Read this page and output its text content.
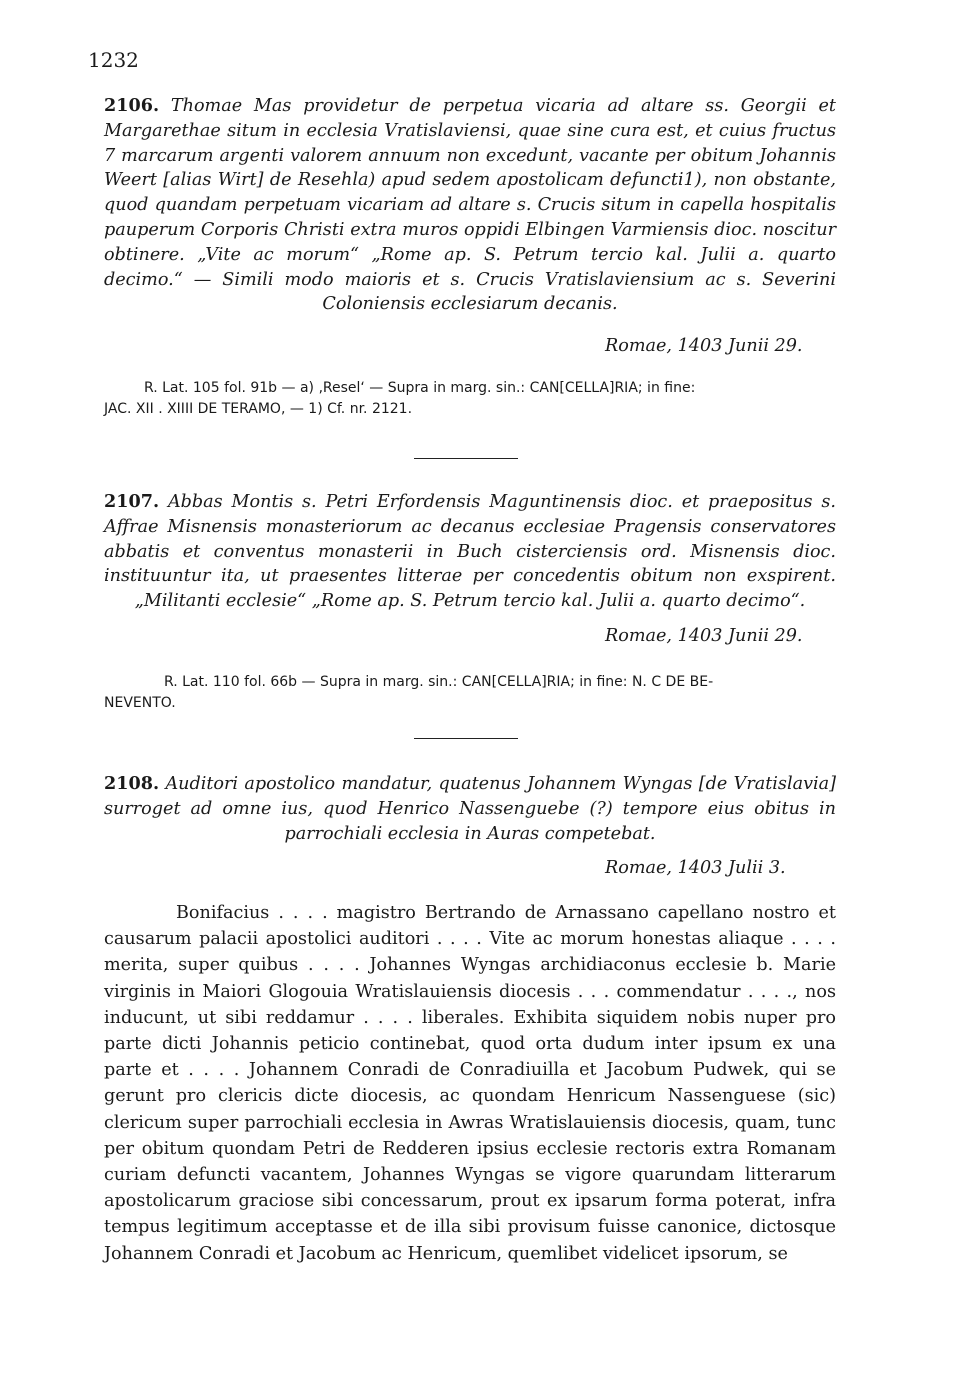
1232
2106. Thomae Mas providetur de perpetua vicaria ad altare ss. Georgii et Margarethae situm in ecclesia Vratislaviensi, quae sine cura est, et cuius fructus 7 marcarum argenti valorem annuum non excedunt, vacante per obitum Johannis Weert [alias Wirt] de Resehla) apud sedem apostolicam defuncti1), non obstante, quod quandam perpetuam vicariam ad altare s. Crucis situm in capella hospitalis pauperum Corporis Christi extra muros oppidi Elbingen Varmiensis dioc. noscitur obtinere. „Vite ac morum“ „Rome ap. S. Petrum tercio kal. Julii a. quarto decimo.“ — Simili modo maioris et s. Crucis Vratislaviensium ac s. Severini Coloniensis ecclesiarum decanis.
Romae, 1403 Junii 29.
R. Lat. 105 fol. 91b — a) ‚Resel‘ — Supra in marg. sin.: CAN[CELLA]RIA; in fine:
JAC. XII . XIIII DE TERAMO, — 1) Cf. nr. 2121.
2107. Abbas Montis s. Petri Erfordensis Maguntinensis dioc. et praepositus s. Affrae Misnensis monasteriorum ac decanus ecclesiae Pragensis conservatores abbatis et conventus monasterii in Buch cisterciensis ord. Misnensis dioc. instituuntur ita, ut praesentes litterae per concedentis obitum non exspirent. „Militanti ecclesie“ „Rome ap. S. Petrum tercio kal. Julii a. quarto decimo“.
Romae, 1403 Junii 29.
R. Lat. 110 fol. 66b — Supra in marg. sin.: CAN[CELLA]RIA; in fine: N. C DE BE-
NEVENTO.
2108. Auditori apostolico mandatur, quatenus Johannem Wyngas [de Vratislavia] surroget ad omne ius, quod Henrico Nassenguebe (?) tempore eius obitus in parrochiali ecclesia in Auras competebat.
Romae, 1403 Julii 3.

Bonifacius . . . . magistro Bertrando de Arnassano capellano nostro et causarum palacii apostolici auditori . . . . Vite ac morum honestas aliaque . . . . merita, super quibus . . . . Johannes Wyngas archidiaconus ecclesie b. Marie virginis in Maiori Glogouia Wratislauiensis diocesis . . . commendatur . . . ., nos inducunt, ut sibi reddamur . . . . liberales. Exhibita siquidem nobis nuper pro parte dicti Johannis peticio continebat, quod orta dudum inter ipsum ex una parte et . . . . Johannem Conradi de Conradiuilla et Jacobum Pudwek, qui se gerunt pro clericis dicte diocesis, ac quondam Henricum Nassenguese (sic) clericum super parrochiali ecclesia in Awras Wratislauiensis diocesis, quam, tunc per obitum quondam Petri de Redderen ipsius ecclesie rectoris extra Romanam curiam defuncti vacantem, Johannes Wyngas se vigore quarundam litterarum apostolicarum graciose sibi concessarum, prout ex ipsarum forma poterat, infra tempus legitimum acceptasse et de illa sibi provisum fuisse canonice, dictosque Johannem Conradi et Jacobum ac Henricum, quemlibet videlicet ipsorum, se
